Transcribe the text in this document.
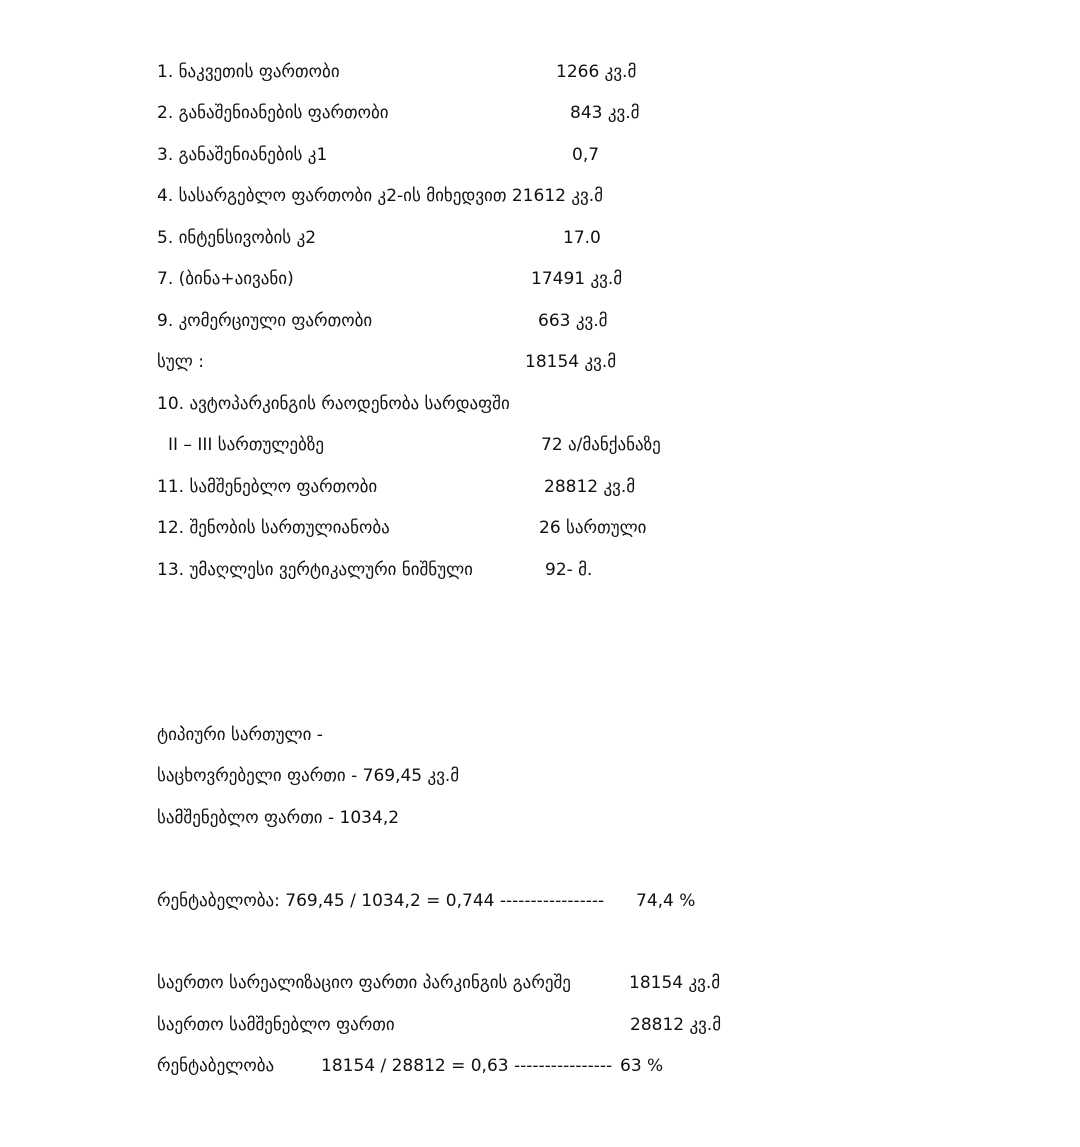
1. ნაკვეთის ფართობი	1266 კვ.მ
2. განაშენიანების ფართობი	843 კვ.მ
3. განაშენიანების კ1	0,7
4. სასარგებლო ფართობი კ2-ის მიხედვით 21612 კვ.მ
5. ინტენსივობის კ2	17.0
7. (ბინა+აივანი)	17491 კვ.მ
9. კომერციული ფართობი	663 კვ.მ
სულ :	18154 კვ.მ
10. ავტოპარკინგის რაოდენობა სარდაფში
II – III სართულებზე	72 ა/მანქანაზე
11. სამშენებლო ფართობი	28812 კვ.მ
12. შენობის სართულიანობა	26 სართული
13. უმაღლესი ვერტიკალური ნიშნული	92- მ.
ტიპიური სართული -
საცხოვრებელი ფართი - 769,45 კვ.მ
სამშენებლო ფართი - 1034,2
რენტაბელობა: 769,45 / 1034,2 = 0,744 ----------------- 74,4 %
საერთო სარეალიზაციო ფართი პარკინგის გარეშე	18154 კვ.მ
საერთო სამშენებლო ფართი	28812 კვ.მ
რენტაბელობა	18154 / 28812 = 0,63 ---------------- 63 %
